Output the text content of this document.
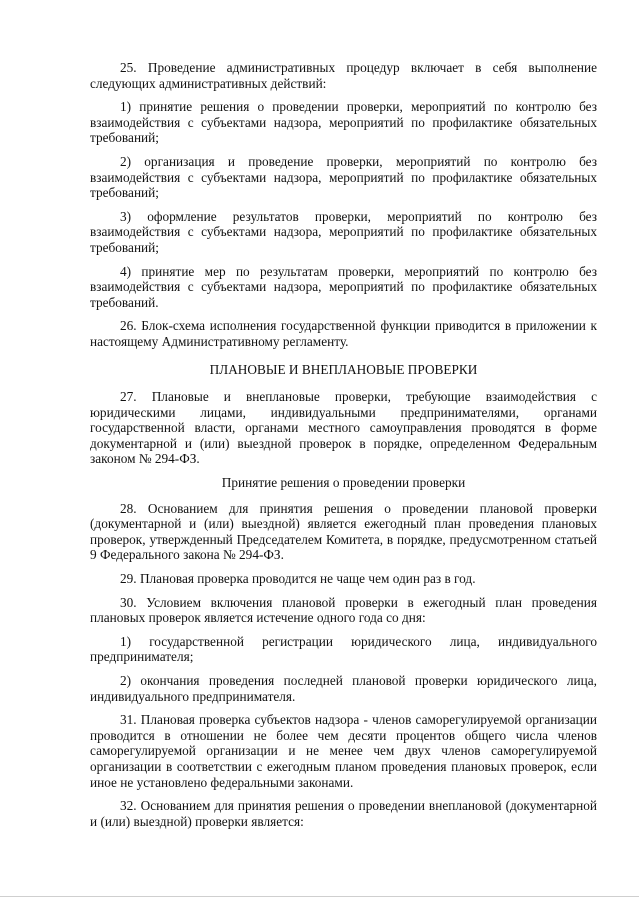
25. Проведение административных процедур включает в себя выполнение следующих административных действий:

1) принятие решения о проведении проверки, мероприятий по контролю без взаимодействия с субъектами надзора, мероприятий по профилактике обязательных требований;

2) организация и проведение проверки, мероприятий по контролю без взаимодействия с субъектами надзора, мероприятий по профилактике обязательных требований;

3) оформление результатов проверки, мероприятий по контролю без взаимодействия с субъектами надзора, мероприятий по профилактике обязательных требований;

4) принятие мер по результатам проверки, мероприятий по контролю без взаимодействия с субъектами надзора, мероприятий по профилактике обязательных требований.

26. Блок-схема исполнения государственной функции приводится в приложении к настоящему Административному регламенту.

ПЛАНОВЫЕ И ВНЕПЛАНОВЫЕ ПРОВЕРКИ

27. Плановые и внеплановые проверки, требующие взаимодействия с юридическими лицами, индивидуальными предпринимателями, органами государственной власти, органами местного самоуправления проводятся в форме документарной и (или) выездной проверок в порядке, определенном Федеральным законом № 294-ФЗ.

Принятие решения о проведении проверки

28. Основанием для принятия решения о проведении плановой проверки (документарной и (или) выездной) является ежегодный план проведения плановых проверок, утвержденный Председателем Комитета, в порядке, предусмотренном статьей 9 Федерального закона № 294-ФЗ.

29. Плановая проверка проводится не чаще чем один раз в год.

30. Условием включения плановой проверки в ежегодный план проведения плановых проверок является истечение одного года со дня:

1) государственной регистрации юридического лица, индивидуального предпринимателя;

2) окончания проведения последней плановой проверки юридического лица, индивидуального предпринимателя.

31. Плановая проверка субъектов надзора - членов саморегулируемой организации проводится в отношении не более чем десяти процентов общего числа членов саморегулируемой организации и не менее чем двух членов саморегулируемой организации в соответствии с ежегодным планом проведения плановых проверок, если иное не установлено федеральными законами.

32. Основанием для принятия решения о проведении внеплановой (документарной и (или) выездной) проверки является:
